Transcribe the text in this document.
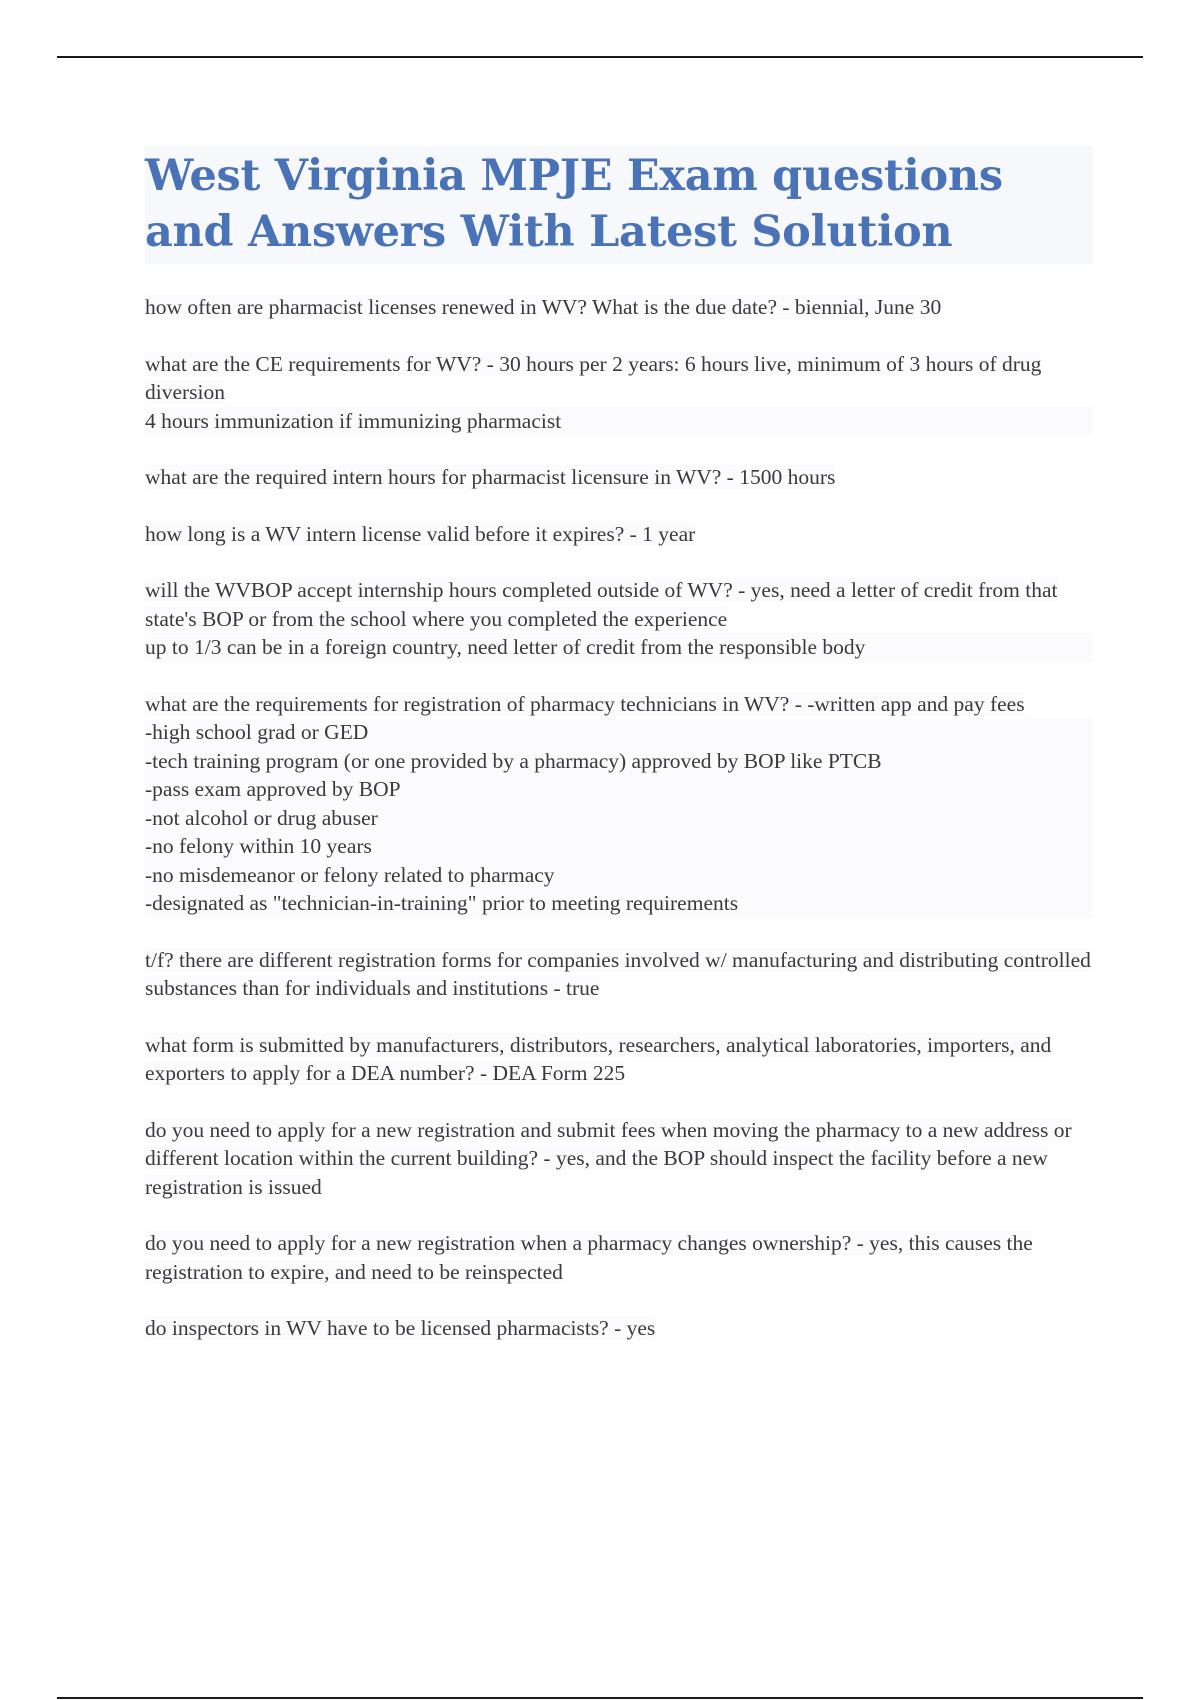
West Virginia MPJE Exam questions and Answers With Latest Solution
how often are pharmacist licenses renewed in WV? What is the due date? - biennial, June 30
what are the CE requirements for WV? - 30 hours per 2 years: 6 hours live, minimum of 3 hours of drug diversion
4 hours immunization if immunizing pharmacist
what are the required intern hours for pharmacist licensure in WV? - 1500 hours
how long is a WV intern license valid before it expires? - 1 year
will the WVBOP accept internship hours completed outside of WV? - yes, need a letter of credit from that state's BOP or from the school where you completed the experience
up to 1/3 can be in a foreign country, need letter of credit from the responsible body
what are the requirements for registration of pharmacy technicians in WV? - -written app and pay fees
-high school grad or GED
-tech training program (or one provided by a pharmacy) approved by BOP like PTCB
-pass exam approved by BOP
-not alcohol or drug abuser
-no felony within 10 years
-no misdemeanor or felony related to pharmacy
-designated as "technician-in-training" prior to meeting requirements
t/f? there are different registration forms for companies involved w/ manufacturing and distributing controlled substances than for individuals and institutions - true
what form is submitted by manufacturers, distributors, researchers, analytical laboratories, importers, and exporters to apply for a DEA number? - DEA Form 225
do you need to apply for a new registration and submit fees when moving the pharmacy to a new address or different location within the current building? - yes, and the BOP should inspect the facility before a new registration is issued
do you need to apply for a new registration when a pharmacy changes ownership? - yes, this causes the registration to expire, and need to be reinspected
do inspectors in WV have to be licensed pharmacists? - yes
